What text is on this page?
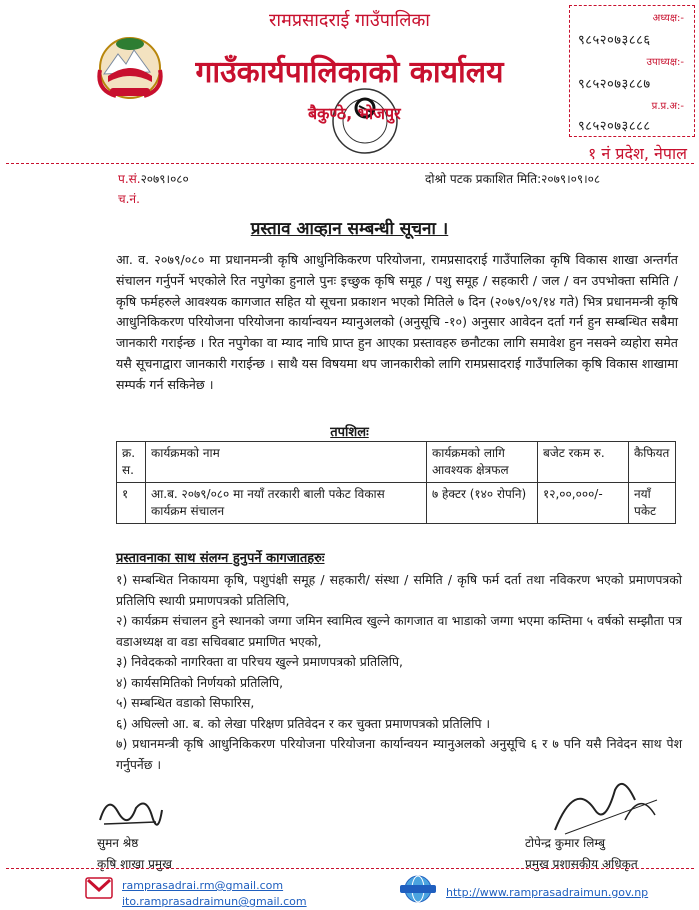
रामप्रसादराई गाउँपालिका
गाउँकार्यपालिकाको कार्यालय
बैकुण्ठे, भोजपुर
अध्यक्ष:-
९८५२०७३८८६
उपाध्यक्ष:-
९८५२०७३८८७
प्र.प्र.अ:-
९८५२०७३८८८
१ नं प्रदेश, नेपाल
प.सं.२०७९।०८०
च.नं.
दोश्रो पटक प्रकाशित मिति:२०७९।०९।०८
प्रस्ताव आव्हान सम्बन्धी सूचना ।
आ. व. २०७९/०८० मा प्रधानमन्त्री कृषि आधुनिकिकरण परियोजना, रामप्रसादराई गाउँपालिका कृषि विकास शाखा अन्तर्गत संचालन गर्नुपर्ने भएकोले रित नपुगेका हुनाले पुनः इच्छुक कृषि समूह / पशु समूह / सहकारी / जल / वन उपभोक्ता समिति / कृषि फर्महरुले आवश्यक कागजात सहित यो सूचना प्रकाशन भएको मितिले ७ दिन (२०७९/०९/१४ गते) भित्र प्रधानमन्त्री कृषि आधुनिकिकरण परियोजना परियोजना कार्यान्वयन म्यानुअलको (अनुसूचि -१०) अनुसार आवेदन दर्ता गर्न हुन सम्बन्धित सबैमा जानकारी गराईन्छ । रित नपुगेका वा म्याद नाघि प्राप्त हुन आएका प्रस्तावहरु छनौटका लागि समावेश हुन नसक्ने व्यहोरा समेत यसै सूचनाद्वारा जानकारी गराईन्छ । साथै यस विषयमा थप जानकारीको लागि रामप्रसादराई गाउँपालिका कृषि विकास शाखामा सम्पर्क गर्न सकिनेछ ।
तपशिलः
क्र. स.	कार्यक्रमको नाम	कार्यक्रमको लागि आवश्यक क्षेत्रफल	बजेट रकम रु.	कैफियत
१	आ.ब. २०७९/०८० मा नयाँ तरकारी बाली पकेट विकास कार्यक्रम संचालन	७ हेक्टर (१४० रोपनि)	१२,००,०००/-	नयाँ पकेट
प्रस्तावनाका साथ संलग्न हुनुपर्ने कागजातहरुः
१) सम्बन्धित निकायमा कृषि, पशुपंक्षी समूह / सहकारी/ संस्था / समिति / कृषि फर्म दर्ता तथा नविकरण भएको प्रमाणपत्रको प्रतिलिपि स्थायी प्रमाणपत्रको प्रतिलिपि,
२) कार्यक्रम संचालन हुने स्थानको जग्गा जमिन स्वामित्व खुल्ने कागजात वा भाडाको जग्गा भएमा कम्तिमा ५ वर्षको सम्झौता पत्र वडाअध्यक्ष वा वडा सचिवबाट प्रमाणित भएको,
३) निवेदकको नागरिक्ता वा परिचय खुल्ने प्रमाणपत्रको प्रतिलिपि,
४) कार्यसमितिको निर्णयको प्रतिलिपि,
५) सम्बन्धित वडाको सिफारिस,
६) अघिल्लो आ. ब. को लेखा परिक्षण प्रतिवेदन र कर चुक्ता प्रमाणपत्रको प्रतिलिपि ।
७) प्रधानमन्त्री कृषि आधुनिकिकरण परियोजना परियोजना कार्यान्वयन म्यानुअलको अनुसूचि ६ र ७ पनि यसै निवेदन साथ पेश गर्नुपर्नेछ ।
सुमन श्रेष्ठ
कृषि शाखा प्रमुख
टोपेन्द्र कुमार लिम्बु
प्रमुख प्रशासकीय अधिकृत
ramprasadrai.rm@gmail.com
ito.ramprasadraimun@gmail.com
http://www.ramprasadraimun.gov.np
